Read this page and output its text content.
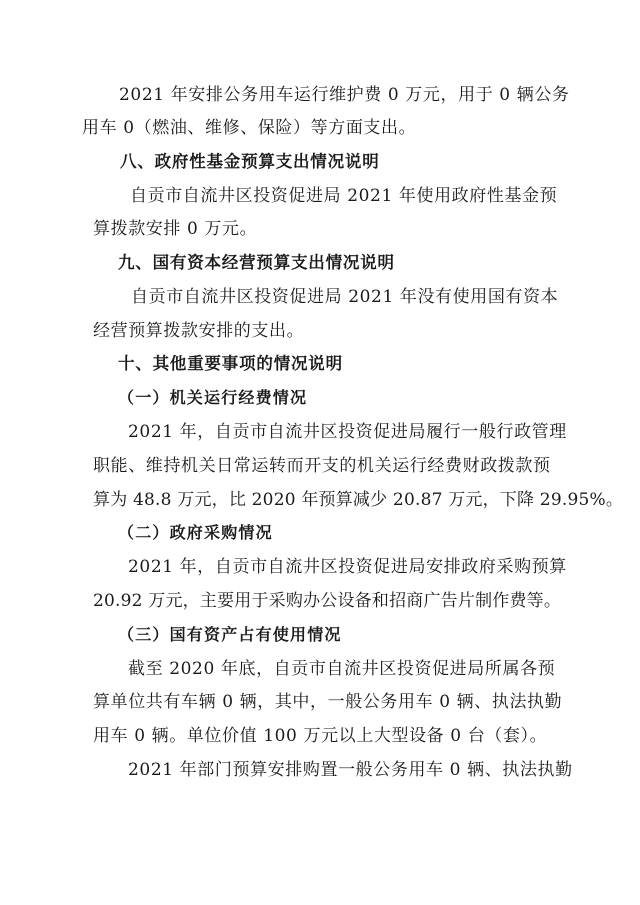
2021 年安排公务用车运行维护费 0 万元，用于 0 辆公务
用车 0（燃油、维修、保险）等方面支出。
八、政府性基金预算支出情况说明
自贡市自流井区投资促进局 2021 年使用政府性基金预
算拨款安排 0 万元。
九、国有资本经营预算支出情况说明
自贡市自流井区投资促进局 2021 年没有使用国有资本
经营预算拨款安排的支出。
十、其他重要事项的情况说明
（一）机关运行经费情况
2021 年，自贡市自流井区投资促进局履行一般行政管理
职能、维持机关日常运转而开支的机关运行经费财政拨款预
算为 48.8 万元，比 2020 年预算减少 20.87 万元，下降 29.95%。
（二）政府采购情况
2021 年，自贡市自流井区投资促进局安排政府采购预算
20.92 万元，主要用于采购办公设备和招商广告片制作费等。
（三）国有资产占有使用情况
截至 2020 年底，自贡市自流井区投资促进局所属各预
算单位共有车辆 0 辆，其中，一般公务用车 0 辆、执法执勤
用车 0 辆。单位价值 100 万元以上大型设备 0 台（套）。
2021 年部门预算安排购置一般公务用车 0 辆、执法执勤
